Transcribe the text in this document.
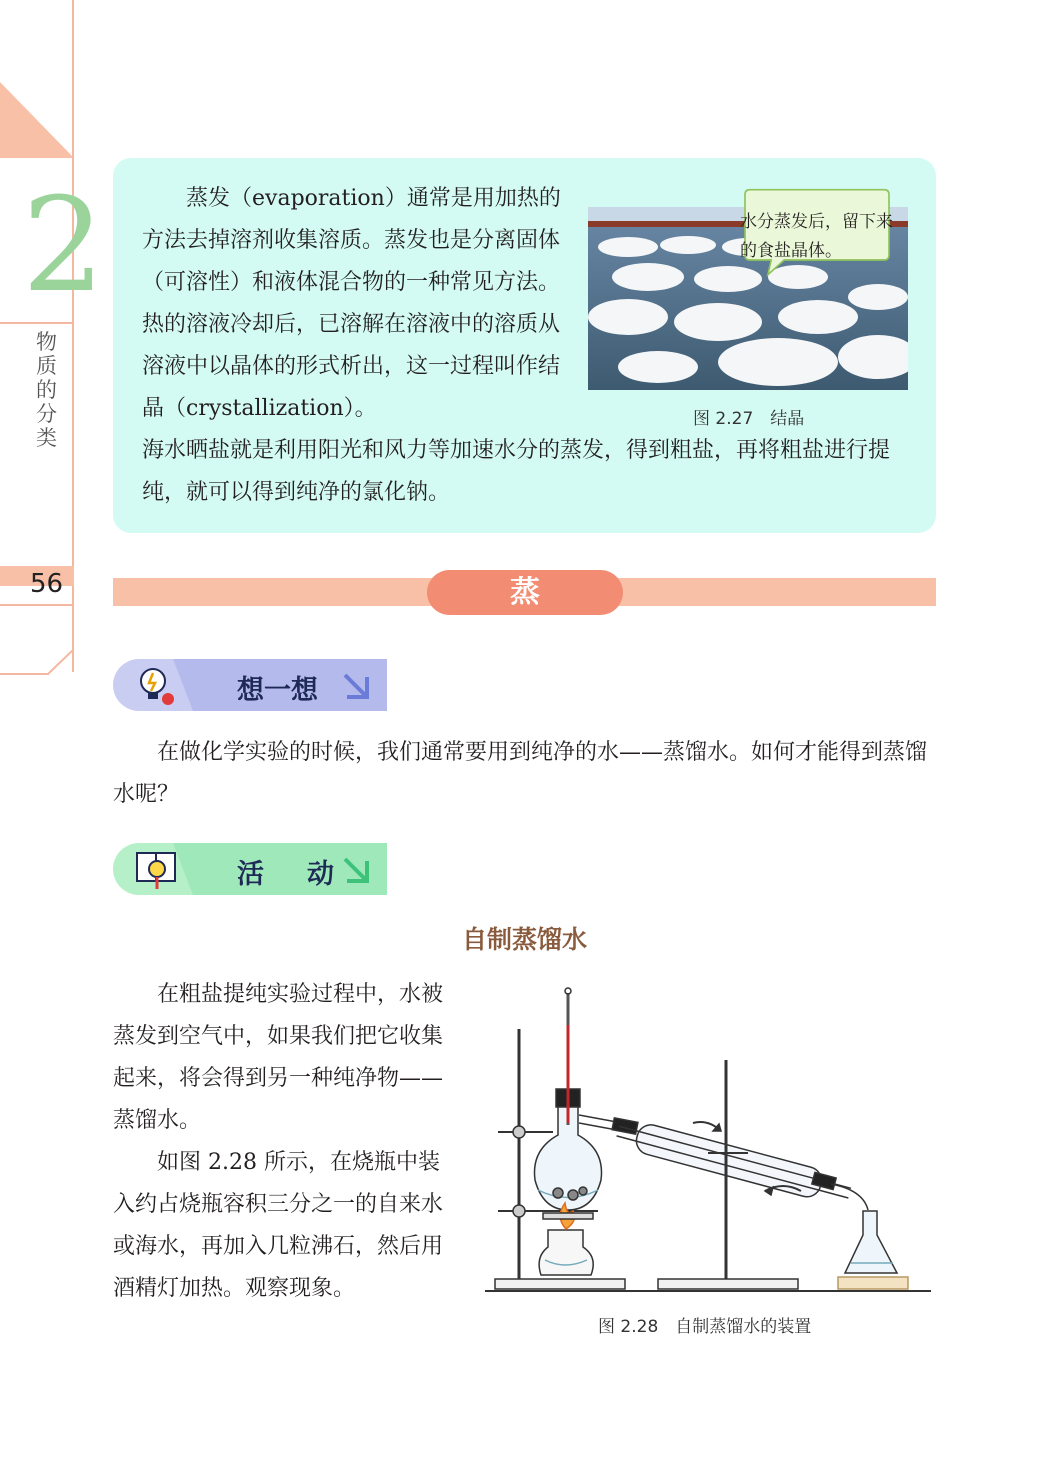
2
物质的分类
56
蒸发（evaporation）通常是用加热的方法去掉溶剂收集溶质。蒸发也是分离固体（可溶性）和液体混合物的一种常见方法。热的溶液冷却后，已溶解在溶液中的溶质从溶液中以晶体的形式析出，这一过程叫作结晶（crystallization）。
海水晒盐就是利用阳光和风力等加速水分的蒸发，得到粗盐，再将粗盐进行提纯，就可以得到纯净的氯化钠。
水分蒸发后，留下来的食盐晶体。
图 2.27　结晶
蒸馏
想一想
在做化学实验的时候，我们通常要用到纯净的水——蒸馏水。如何才能得到蒸馏水呢？
活　动
自制蒸馏水
在粗盐提纯实验过程中，水被蒸发到空气中，如果我们把它收集起来，将会得到另一种纯净物——蒸馏水。
如图 2.28 所示，在烧瓶中装入约占烧瓶容积三分之一的自来水或海水，再加入几粒沸石，然后用酒精灯加热。观察现象。
图 2.28　自制蒸馏水的装置
